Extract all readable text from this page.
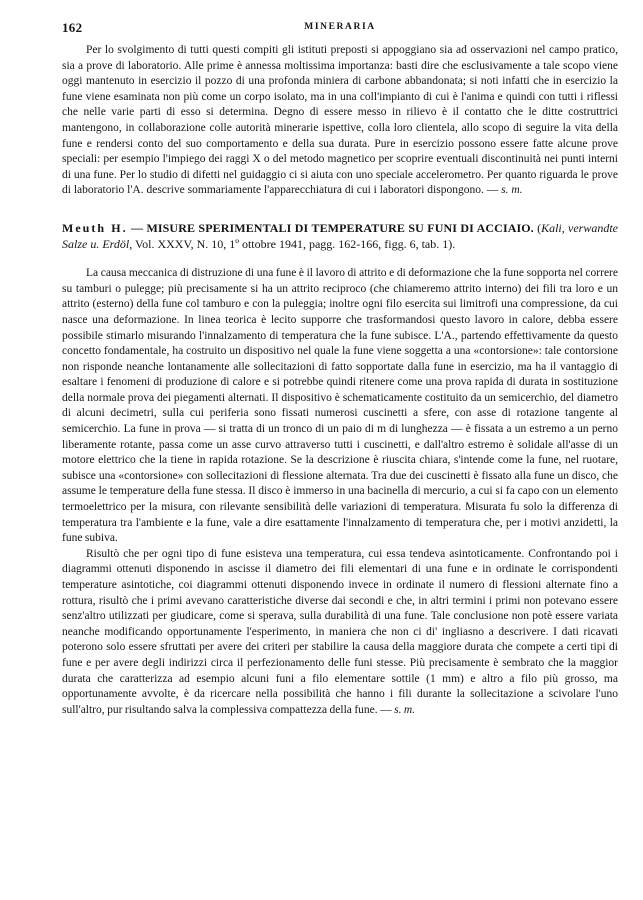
162	MINERARIA

Per lo svolgimento di tutti questi compiti gli istituti preposti si appoggiano sia ad osservazioni nel campo pratico, sia a prove di laboratorio. Alle prime è annessa moltissima importanza: basti dire che esclusivamente a tale scopo viene oggi mantenuto in esercizio il pozzo di una profonda miniera di carbone abbandonata; si noti infatti che in esercizio la fune viene esaminata non più come un corpo isolato, ma in una coll'impianto di cui è l'anima e quindi con tutti i riflessi che nelle varie parti di esso si determina. Degno di essere messo in rilievo è il contatto che le ditte costruttrici mantengono, in collaborazione colle autorità minerarie ispettive, colla loro clientela, allo scopo di seguire la vita della fune e rendersi conto del suo comportamento e della sua durata. Pure in esercizio possono essere fatte alcune prove speciali: per esempio l'impiego dei raggi X o del metodo magnetico per scoprire eventuali discontinuità nei punti interni di una fune. Per lo studio di difetti nel guidaggio ci si aiuta con uno speciale accelerometro. Per quanto riguarda le prove di laboratorio l'A. descrive sommariamente l'apparecchiatura di cui i laboratori dispongono. — s. m.

Meuth H. — MISURE SPERIMENTALI DI TEMPERATURE SU FUNI DI ACCIAIO. (Kali, verwandte Salze u. Erdöl, Vol. XXXV, N. 10, 1º ottobre 1941, pagg. 162-166, figg. 6, tab. 1).

La causa meccanica di distruzione di una fune è il lavoro di attrito e di deformazione che la fune sopporta nel correre su tamburi o pulegge; più precisamente si ha un attrito reciproco (che chiameremo attrito interno) dei fili tra loro e un attrito (esterno) della fune col tamburo e con la puleggia; inoltre ogni filo esercita sui limitrofi una compressione, da cui nasce una deformazione. In linea teorica è lecito supporre che trasformandosi questo lavoro in calore, debba essere possibile stimarlo misurando l'innalzamento di temperatura che la fune subisce. L'A., partendo effettivamente da questo concetto fondamentale, ha costruito un dispositivo nel quale la fune viene soggetta a una «contorsione»: tale contorsione non risponde neanche lontanamente alle sollecitazioni di fatto sopportate dalla fune in esercizio, ma ha il vantaggio di esaltare i fenomeni di produzione di calore e si potrebbe quindi ritenere come una prova rapida di durata in sostituzione della normale prova dei piegamenti alternati. Il dispositivo è schematicamente costituito da un semicerchio, del diametro di alcuni decimetri, sulla cui periferia sono fissati numerosi cuscinetti a sfere, con asse di rotazione tangente al semicerchio. La fune in prova — si tratta di un tronco di un paio di m di lunghezza — è fissata a un estremo a un perno liberamente rotante, passa come un asse curvo attraverso tutti i cuscinetti, e dall'altro estremo è solidale all'asse di un motore elettrico che la tiene in rapida rotazione. Se la descrizione è riuscita chiara, s'intende come la fune, nel ruotare, subisce una «contorsione» con sollecitazioni di flessione alternata. Tra due dei cuscinetti è fissato alla fune un disco, che assume le temperature della fune stessa. Il disco è immerso in una bacinella di mercurio, a cui si fa capo con un elemento termoelettrico per la misura, con rilevante sensibilità delle variazioni di temperatura. Misurata fu solo la differenza di temperatura tra l'ambiente e la fune, vale a dire esattamente l'innalzamento di temperatura che, per i motivi anzidetti, la fune subiva.

Risultò che per ogni tipo di fune esisteva una temperatura, cui essa tendeva asintoticamente. Confrontando poi i diagrammi ottenuti disponendo in ascisse il diametro dei fili elementari di una fune e in ordinate le corrispondenti temperature asintotiche, coi diagrammi ottenuti disponendo invece in ordinate il numero di flessioni alternate fino a rottura, risultò che i primi avevano caratteristiche diverse dai secondi e che, in altri termini i primi non potevano essere senz'altro utilizzati per giudicare, come si sperava, sulla durabilità di una fune. Tale conclusione non potè essere variata neanche modificando opportunamente l'esperimento, in maniera che non ci di' ingliasno a descrivere. I dati ricavati poterono solo essere sfruttati per avere dei criteri per stabilire la causa della maggiore durata che compete a certi tipi di fune e per avere degli indirizzi circa il perfezionamento delle funi stesse. Più precisamente è sembrato che la maggior durata che caratterizza ad esempio alcuni funi a filo elementare sottile (1 mm) e altro a filo più grosso, ma opportunamente avvolte, è da ricercare nella possibilità che hanno i fili durante la sollecitazione a scivolare l'uno sull'altro, pur risultando salva la complessiva compattezza della fune. — s. m.
